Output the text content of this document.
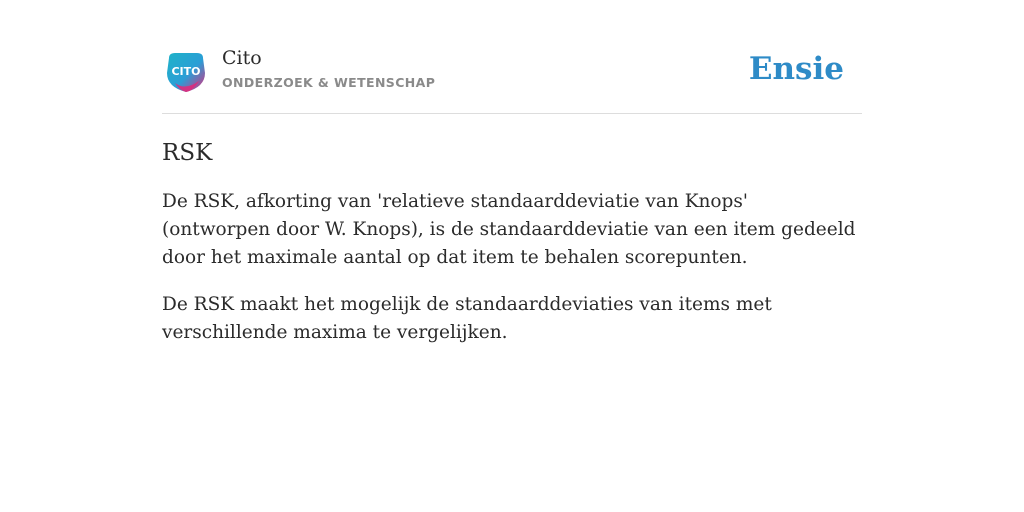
CITO
Cito
ONDERZOEK & WETENSCHAP	Ensie
RSK

De RSK, afkorting van 'relatieve standaarddeviatie van Knops' (ontworpen door W. Knops), is de standaarddeviatie van een item gedeeld door het maximale aantal op dat item te behalen scorepunten.

De RSK maakt het mogelijk de standaarddeviaties van items met verschillende maxima te vergelijken.
